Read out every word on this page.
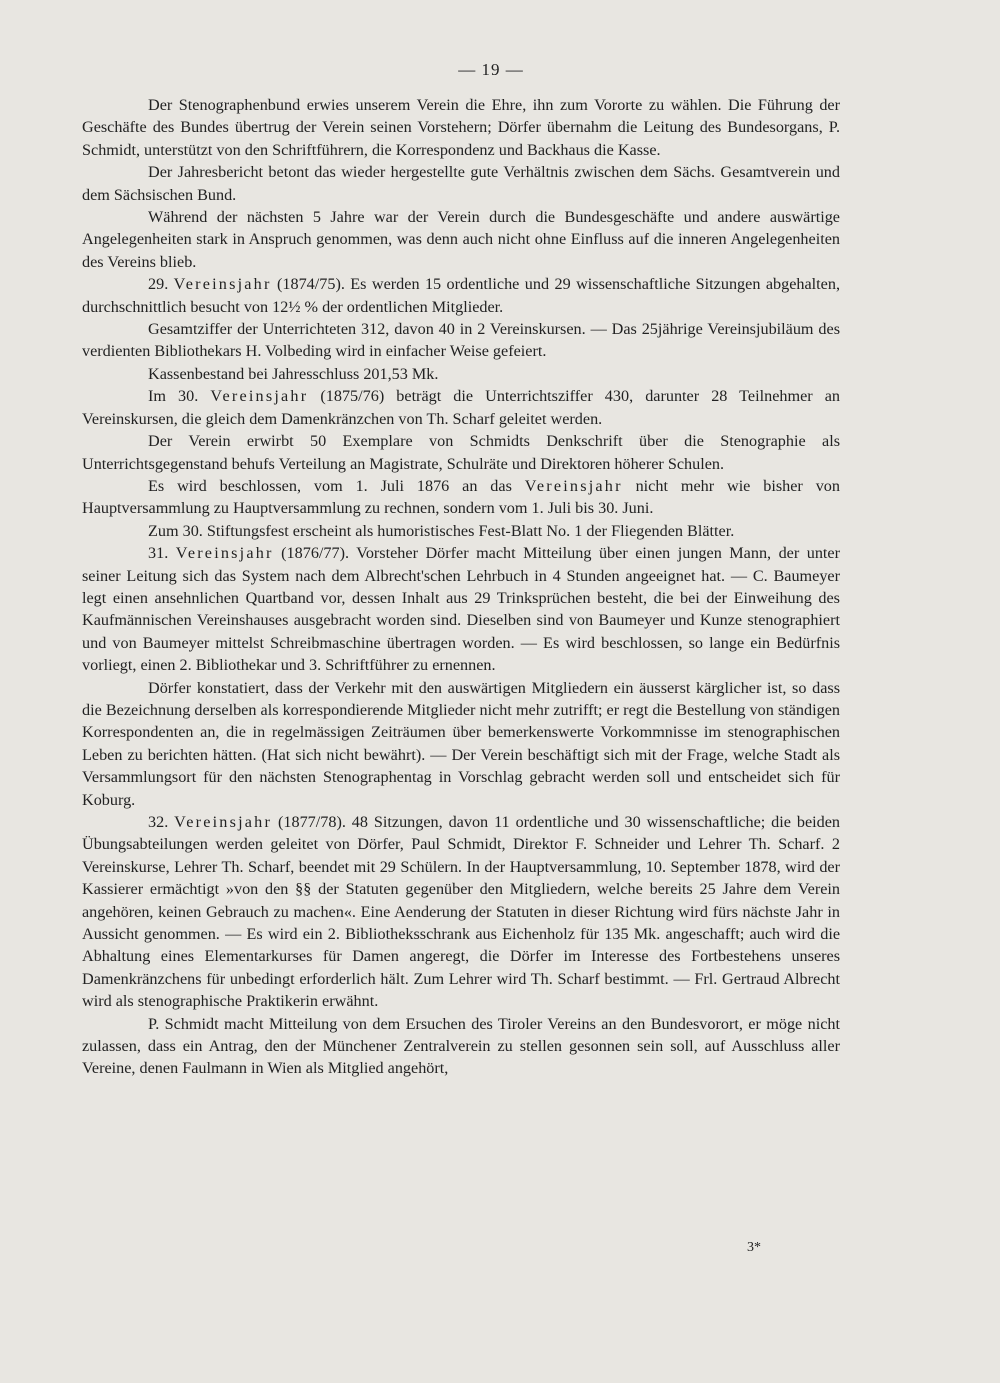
— 19 —

Der Stenographenbund erwies unserem Verein die Ehre, ihn zum Vororte zu wählen. Die Führung der Geschäfte des Bundes übertrug der Verein seinen Vorstehern; Dörfer übernahm die Leitung des Bundesorgans, P. Schmidt, unterstützt von den Schriftführern, die Korrespondenz und Backhaus die Kasse.

Der Jahresbericht betont das wieder hergestellte gute Verhältnis zwischen dem Sächs. Gesamtverein und dem Sächsischen Bund.

Während der nächsten 5 Jahre war der Verein durch die Bundesgeschäfte und andere auswärtige Angelegenheiten stark in Anspruch genommen, was denn auch nicht ohne Einfluss auf die inneren Angelegenheiten des Vereins blieb.

29. Vereinsjahr (1874/75). Es werden 15 ordentliche und 29 wissenschaftliche Sitzungen abgehalten, durchschnittlich besucht von 12½ % der ordentlichen Mitglieder.

Gesamtziffer der Unterrichteten 312, davon 40 in 2 Vereinskursen. — Das 25jährige Vereinsjubiläum des verdienten Bibliothekars H. Volbeding wird in einfacher Weise gefeiert.

Kassenbestand bei Jahresschluss 201,53 Mk.

Im 30. Vereinsjahr (1875/76) beträgt die Unterrichtsziffer 430, darunter 28 Teilnehmer an Vereinskursen, die gleich dem Damenkränzchen von Th. Scharf geleitet werden.

Der Verein erwirbt 50 Exemplare von Schmidts Denkschrift über die Stenographie als Unterrichtsgegenstand behufs Verteilung an Magistrate, Schulräte und Direktoren höherer Schulen.

Es wird beschlossen, vom 1. Juli 1876 an das Vereinsjahr nicht mehr wie bisher von Hauptversammlung zu Hauptversammlung zu rechnen, sondern vom 1. Juli bis 30. Juni.

Zum 30. Stiftungsfest erscheint als humoristisches Fest-Blatt No. 1 der Fliegenden Blätter.

31. Vereinsjahr (1876/77). Vorsteher Dörfer macht Mitteilung über einen jungen Mann, der unter seiner Leitung sich das System nach dem Albrecht'schen Lehrbuch in 4 Stunden angeeignet hat. — C. Baumeyer legt einen ansehnlichen Quartband vor, dessen Inhalt aus 29 Trinksprüchen besteht, die bei der Einweihung des Kaufmännischen Vereinshauses ausgebracht worden sind. Dieselben sind von Baumeyer und Kunze stenographiert und von Baumeyer mittelst Schreibmaschine übertragen worden. — Es wird beschlossen, so lange ein Bedürfnis vorliegt, einen 2. Bibliothekar und 3. Schriftführer zu ernennen.

Dörfer konstatiert, dass der Verkehr mit den auswärtigen Mitgliedern ein äusserst kärglicher ist, so dass die Bezeichnung derselben als korrespondierende Mitglieder nicht mehr zutrifft; er regt die Bestellung von ständigen Korrespondenten an, die in regelmässigen Zeiträumen über bemerkenswerte Vorkommnisse im stenographischen Leben zu berichten hätten. (Hat sich nicht bewährt). — Der Verein beschäftigt sich mit der Frage, welche Stadt als Versammlungsort für den nächsten Stenographentag in Vorschlag gebracht werden soll und entscheidet sich für Koburg.

32. Vereinsjahr (1877/78). 48 Sitzungen, davon 11 ordentliche und 30 wissenschaftliche; die beiden Übungsabteilungen werden geleitet von Dörfer, Paul Schmidt, Direktor F. Schneider und Lehrer Th. Scharf. 2 Vereinskurse, Lehrer Th. Scharf, beendet mit 29 Schülern. In der Hauptversammlung, 10. September 1878, wird der Kassierer ermächtigt »von den §§ der Statuten gegenüber den Mitgliedern, welche bereits 25 Jahre dem Verein angehören, keinen Gebrauch zu machen«. Eine Aenderung der Statuten in dieser Richtung wird fürs nächste Jahr in Aussicht genommen. — Es wird ein 2. Bibliotheksschrank aus Eichenholz für 135 Mk. angeschafft; auch wird die Abhaltung eines Elementarkurses für Damen angeregt, die Dörfer im Interesse des Fortbestehens unseres Damenkränzchens für unbedingt erforderlich hält. Zum Lehrer wird Th. Scharf bestimmt. — Frl. Gertraud Albrecht wird als stenographische Praktikerin erwähnt.

P. Schmidt macht Mitteilung von dem Ersuchen des Tiroler Vereins an den Bundesvorort, er möge nicht zulassen, dass ein Antrag, den der Münchener Zentralverein zu stellen gesonnen sein soll, auf Ausschluss aller Vereine, denen Faulmann in Wien als Mitglied angehört,

3*
